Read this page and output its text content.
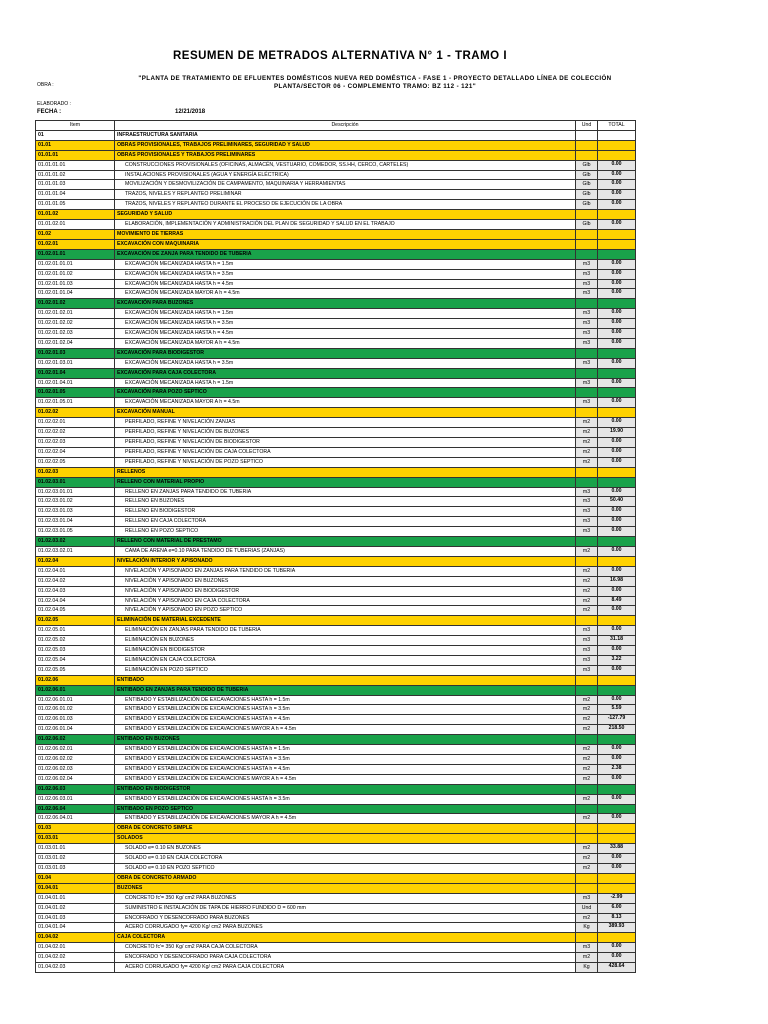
RESUMEN DE METRADOS ALTERNATIVA N° 1 - TRAMO I
OBRA :
"PLANTA DE TRATAMIENTO DE EFLUENTES DOMÉSTICOS NUEVA RED DOMÉSTICA - FASE 1 - PROYECTO DETALLADO LÍNEA DE COLECCIÓN PLANTA/SECTOR 06 - COMPLEMENTO TRAMO: BZ 112 - 121"
ELABORADO :
FECHA :	12/21/2018
Item	Descripción	Und	TOTAL
01	INFRAESTRUCTURA SANITARIA		
01.01	OBRAS PROVISIONALES, TRABAJOS PRELIMINARES, SEGURIDAD Y SALUD		
01.01.01	OBRAS PROVISIONALES Y TRABAJOS PRELIMINARES		
01.01.01.01	CONSTRUCCIONES PROVISIONALES (OFICINAS, ALMACÉN, VESTUARIO, COMEDOR, SS.HH, CERCO, CARTELES)	Glb	0.00
01.01.01.02	INSTALACIONES PROVISIONALES (AGUA Y ENERGÍA ELÉCTRICA)	Glb	0.00
01.01.01.03	MOVILIZACIÓN Y DESMOVILIZACIÓN DE CAMPAMENTO, MAQUINARIA Y HERRAMIENTAS	Glb	0.00
01.01.01.04	TRAZOS, NIVELES Y REPLANTEO PRELIMINAR	Glb	0.00
01.01.01.05	TRAZOS, NIVELES Y REPLANTEO DURANTE EL PROCESO DE EJECUCIÓN DE LA OBRA	Glb	0.00
01.01.02	SEGURIDAD Y SALUD		
01.01.02.01	ELABORACIÓN, IMPLEMENTACIÓN Y ADMINISTRACIÓN DEL PLAN DE SEGURIDAD Y SALUD EN EL TRABAJO	Glb	0.00
01.02	MOVIMIENTO DE TIERRAS		
01.02.01	EXCAVACIÓN CON MAQUINARIA		
01.02.01.01	EXCAVACIÓN DE ZANJA PARA TENDIDO DE TUBERIA		
01.02.01.01.01	EXCAVACIÓN MECANIZADA HASTA h = 1.5m	m3	0.00
01.02.01.01.02	EXCAVACIÓN MECANIZADA HASTA h = 3.5m	m3	0.00
01.02.01.01.03	EXCAVACIÓN MECANIZADA HASTA h = 4.5m	m3	0.00
01.02.01.01.04	EXCAVACIÓN MECANIZADA MAYOR A h = 4.5m	m3	0.00
01.02.01.02	EXCAVACIÓN PARA BUZONES		
01.02.01.02.01	EXCAVACIÓN MECANIZADA HASTA h = 1.5m	m3	0.00
01.02.01.02.02	EXCAVACIÓN MECANIZADA HASTA h = 3.5m	m3	0.00
01.02.01.02.03	EXCAVACIÓN MECANIZADA HASTA h = 4.5m	m3	0.00
01.02.01.02.04	EXCAVACIÓN MECANIZADA MAYOR A h = 4.5m	m3	0.00
01.02.01.03	EXCAVACIÓN PARA BIODIGESTOR		
01.02.01.03.01	EXCAVACIÓN MECANIZADA HASTA h = 3.5m	m3	0.00
01.02.01.04	EXCAVACIÓN PARA CAJA COLECTORA		
01.02.01.04.01	EXCAVACIÓN MECANIZADA HASTA h = 1.5m	m3	0.00
01.02.01.05	EXCAVACIÓN PARA POZO SEPTICO		
01.02.01.05.01	EXCAVACIÓN MECANIZADA MAYOR A h = 4.5m	m3	0.00
01.02.02	EXCAVACIÓN MANUAL		
01.02.02.01	PERFILADO, REFINE Y NIVELACIÓN ZANJAS	m2	0.00
01.02.02.02	PERFILADO, REFINE Y NIVELACIÓN DE BUZONES	m2	19.90
01.02.02.03	PERFILADO, REFINE Y NIVELACIÓN DE BIODIGESTOR	m2	0.00
01.02.02.04	PERFILADO, REFINE Y NIVELACIÓN DE CAJA COLECTORA	m2	0.00
01.02.02.05	PERFILADO, REFINE Y NIVELACIÓN DE POZO SEPTICO	m2	0.00
01.02.03	RELLENOS		
01.02.03.01	RELLENO CON MATERIAL PROPIO		
01.02.03.01.01	RELLENO EN ZANJAS PARA TENDIDO DE TUBERIA	m3	0.00
01.02.03.01.02	RELLENO EN BUZONES	m3	50.40
01.02.03.01.03	RELLENO EN BIODIGESTOR	m3	0.00
01.02.03.01.04	RELLENO EN CAJA COLECTORA	m3	0.00
01.02.03.01.05	RELLENO EN POZO SEPTICO	m3	0.00
01.02.03.02	RELLENO CON MATERIAL DE PRESTAMO		
01.02.03.02.01	CAMA DE ARENA e=0.10 PARA TENDIDO DE TUBERIAS (ZANJAS)	m2	0.00
01.02.04	NIVELACIÓN INTERIOR Y APISONADO		
01.02.04.01	NIVELACIÓN Y APISONADO EN ZANJAS PARA TENDIDO DE TUBERIA	m2	0.00
01.02.04.02	NIVELACIÓN Y APISONADO EN BUZONES	m2	16.98
01.02.04.03	NIVELACIÓN Y APISONADO EN BIODIGESTOR	m2	0.00
01.02.04.04	NIVELACIÓN Y APISONADO EN CAJA COLECTORA	m2	8.49
01.02.04.05	NIVELACIÓN Y APISONADO EN POZO SEPTICO	m2	0.00
01.02.05	ELIMINACIÓN DE MATERIAL EXCEDENTE		
01.02.05.01	ELIMINACIÓN EN ZANJAS PARA TENDIDO DE TUBERIA	m3	0.00
01.02.05.02	ELIMINACIÓN EN BUZONES	m3	31.18
01.02.05.03	ELIMINACIÓN EN BIODIGESTOR	m3	0.00
01.02.05.04	ELIMINACIÓN EN CAJA COLECTORA	m3	3.22
01.02.05.05	ELIMINACIÓN EN POZO SEPTICO	m3	0.00
01.02.06	ENTIBADO		
01.02.06.01	ENTIBADO EN ZANJAS PARA TENDIDO DE TUBERIA		
01.02.06.01.01	ENTIBADO Y ESTABILIZACIÓN DE EXCAVACIONES HASTA h = 1.5m	m2	0.00
01.02.06.01.02	ENTIBADO Y ESTABILIZACIÓN DE EXCAVACIONES HASTA h = 3.5m	m2	5.59
01.02.06.01.03	ENTIBADO Y ESTABILIZACIÓN DE EXCAVACIONES HASTA h = 4.5m	m2	-127.79
01.02.06.01.04	ENTIBADO Y ESTABILIZACIÓN DE EXCAVACIONES MAYOR A h = 4.5m	m2	218.50
01.02.06.02	ENTIBADO EN BUZONES		
01.02.06.02.01	ENTIBADO Y ESTABILIZACIÓN DE EXCAVACIONES HASTA h = 1.5m	m2	0.00
01.02.06.02.02	ENTIBADO Y ESTABILIZACIÓN DE EXCAVACIONES HASTA h = 3.5m	m2	0.00
01.02.06.02.03	ENTIBADO Y ESTABILIZACIÓN DE EXCAVACIONES HASTA h = 4.5m	m2	2.38
01.02.06.02.04	ENTIBADO Y ESTABILIZACIÓN DE EXCAVACIONES MAYOR A h = 4.5m	m2	0.00
01.02.06.03	ENTIBADO EN BIODIGESTOR		
01.02.06.03.01	ENTIBADO Y ESTABILIZACIÓN DE EXCAVACIONES HASTA h = 3.5m	m2	0.00
01.02.06.04	ENTIBADO EN POZO SEPTICO		
01.02.06.04.01	ENTIBADO Y ESTABILIZACIÓN DE EXCAVACIONES MAYOR A h = 4.5m	m2	0.00
01.03	OBRA DE CONCRETO SIMPLE		
01.03.01	SOLADOS		
01.03.01.01	SOLADO e= 0.10 EN BUZONES	m2	33.88
01.03.01.02	SOLADO e= 0.10 EN CAJA COLECTORA	m2	0.00
01.03.01.03	SOLADO e= 0.10 EN POZO SEPTICO	m2	0.00
01.04	OBRA DE CONCRETO ARMADO		
01.04.01	BUZONES		
01.04.01.01	CONCRETO fc'= 350 Kg/ cm2 PARA BUZONES	m3	-2.99
01.04.01.02	SUMINISTRO E INSTALACIÓN DE TAPA DE HIERRO FUNDIDO D = 600 mm	Und	6.00
01.04.01.03	ENCOFRADO Y DESENCOFRADO PARA BUZONES	m2	8.13
01.04.01.04	ACERO CORRUGADO fy= 4200 Kg/ cm2 PARA BUZONES	Kg	389.93
01.04.02	CAJA COLECTORA		
01.04.02.01	CONCRETO fc'= 350 Kg/ cm2 PARA CAJA COLECTORA	m3	0.00
01.04.02.02	ENCOFRADO Y DESENCOFRADO PARA CAJA COLECTORA	m2	0.00
01.04.02.03	ACERO CORRUGADO fy= 4200 Kg/ cm2 PARA CAJA COLECTORA	Kg	428.64
